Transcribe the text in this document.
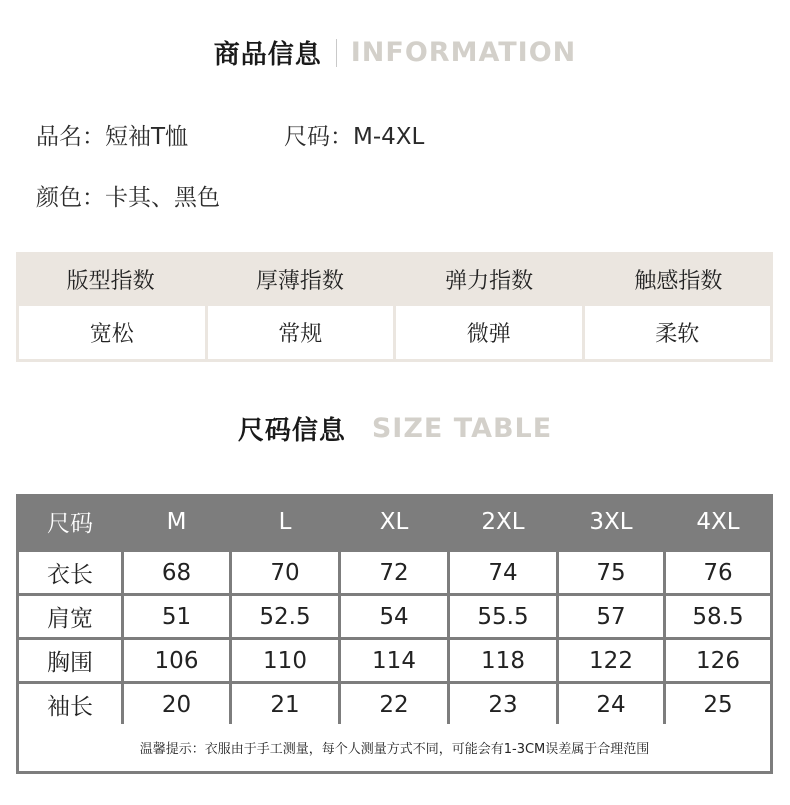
商品信息 INFORMATION
品名：短袖T恤	尺码：M-4XL
颜色：卡其、黑色
版型指数	厚薄指数	弹力指数	触感指数
宽松	常规	微弹	柔软
尺码信息 SIZE TABLE
尺码	M	L	XL	2XL	3XL	4XL
衣长	68	70	72	74	75	76
肩宽	51	52.5	54	55.5	57	58.5
胸围	106	110	114	118	122	126
袖长	20	21	22	23	24	25
温馨提示：衣服由于手工测量，每个人测量方式不同，可能会有1-3CM误差属于合理范围
